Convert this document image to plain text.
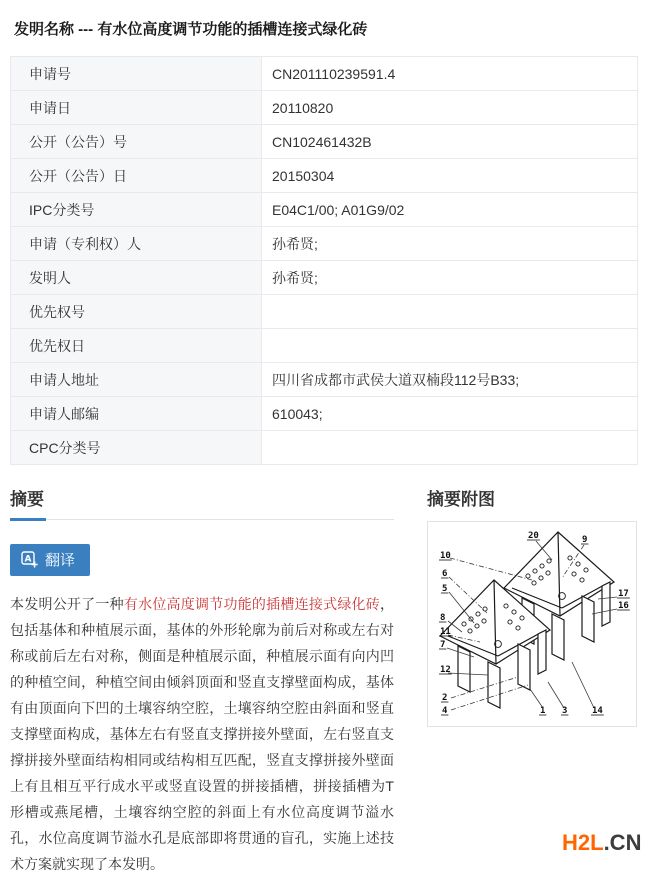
发明名称 --- 有水位高度调节功能的插槽连接式绿化砖
申请号	CN201110239591.4
申请日	20110820
公开（公告）号	CN102461432B
公开（公告）日	20150304
IPC分类号	E04C1/00; A01G9/02
申请（专利权）人	孙希贤;
发明人	孙希贤;
优先权号	
优先权日	
申请人地址	四川省成都市武侯大道双楠段112号B33;
申请人邮编	610043;
CPC分类号	
摘要
A 翻译

本发明公开了一种有水位高度调节功能的插槽连接式绿化砖，包括基体和种植展示面，基体的外形轮廓为前后对称或左右对称或前后左右对称，侧面是种植展示面，种植展示面有向内凹的种植空间，种植空间由倾斜顶面和竖直支撑壁面构成，基体有由顶面向下凹的土壤容纳空腔，土壤容纳空腔由斜面和竖直支撑壁面构成，基体左右有竖直支撑拼接外壁面，左右竖直支撑拼接外壁面结构相同或结构相互匹配，竖直支撑拼接外壁面上有且相互平行成水平或竖直设置的拼接插槽，拼接插槽为T形槽或燕尾槽，土壤容纳空腔的斜面上有水位高度调节溢水孔，水位高度调节溢水孔是底部即将贯通的盲孔，实施上述技术方案就实现了本发明。

摘要附图
20	9
10
6
5	17
16
8
11
7
12
2
4	1 3	14
H2L.CN
